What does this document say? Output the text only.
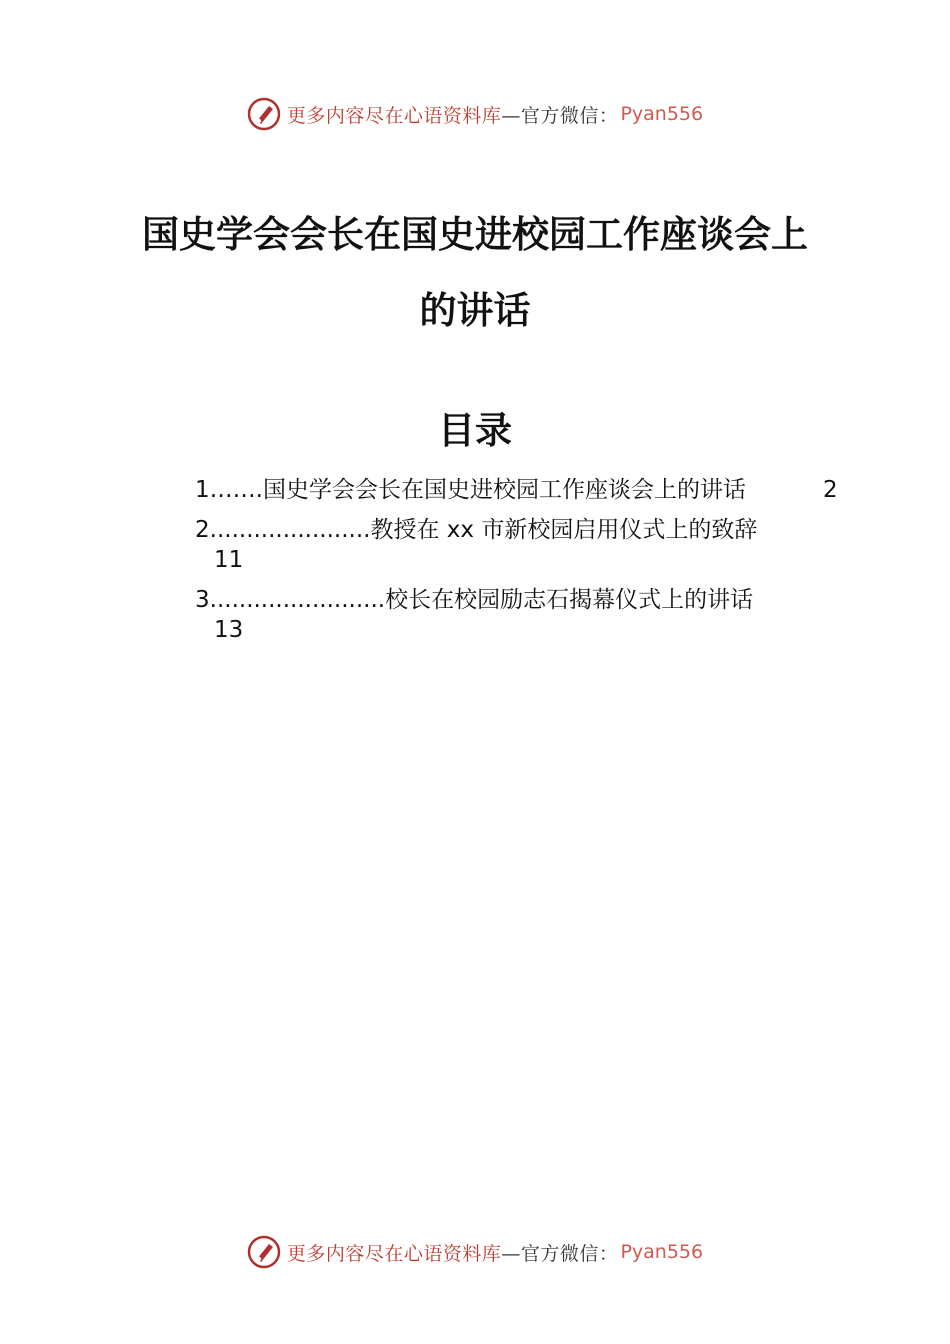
更多内容尽在心语资料库 —官方微信： Pyan556
国史学会会长在国史进校园工作座谈会上
的讲话
目录
1…….国史学会会长在国史进校园工作座谈会上的讲话	2
2......................教授在 xx 市新校园启用仪式上的致辞
11
3........................校长在校园励志石揭幕仪式上的讲话
13
更多内容尽在心语资料库 —官方微信： Pyan556
